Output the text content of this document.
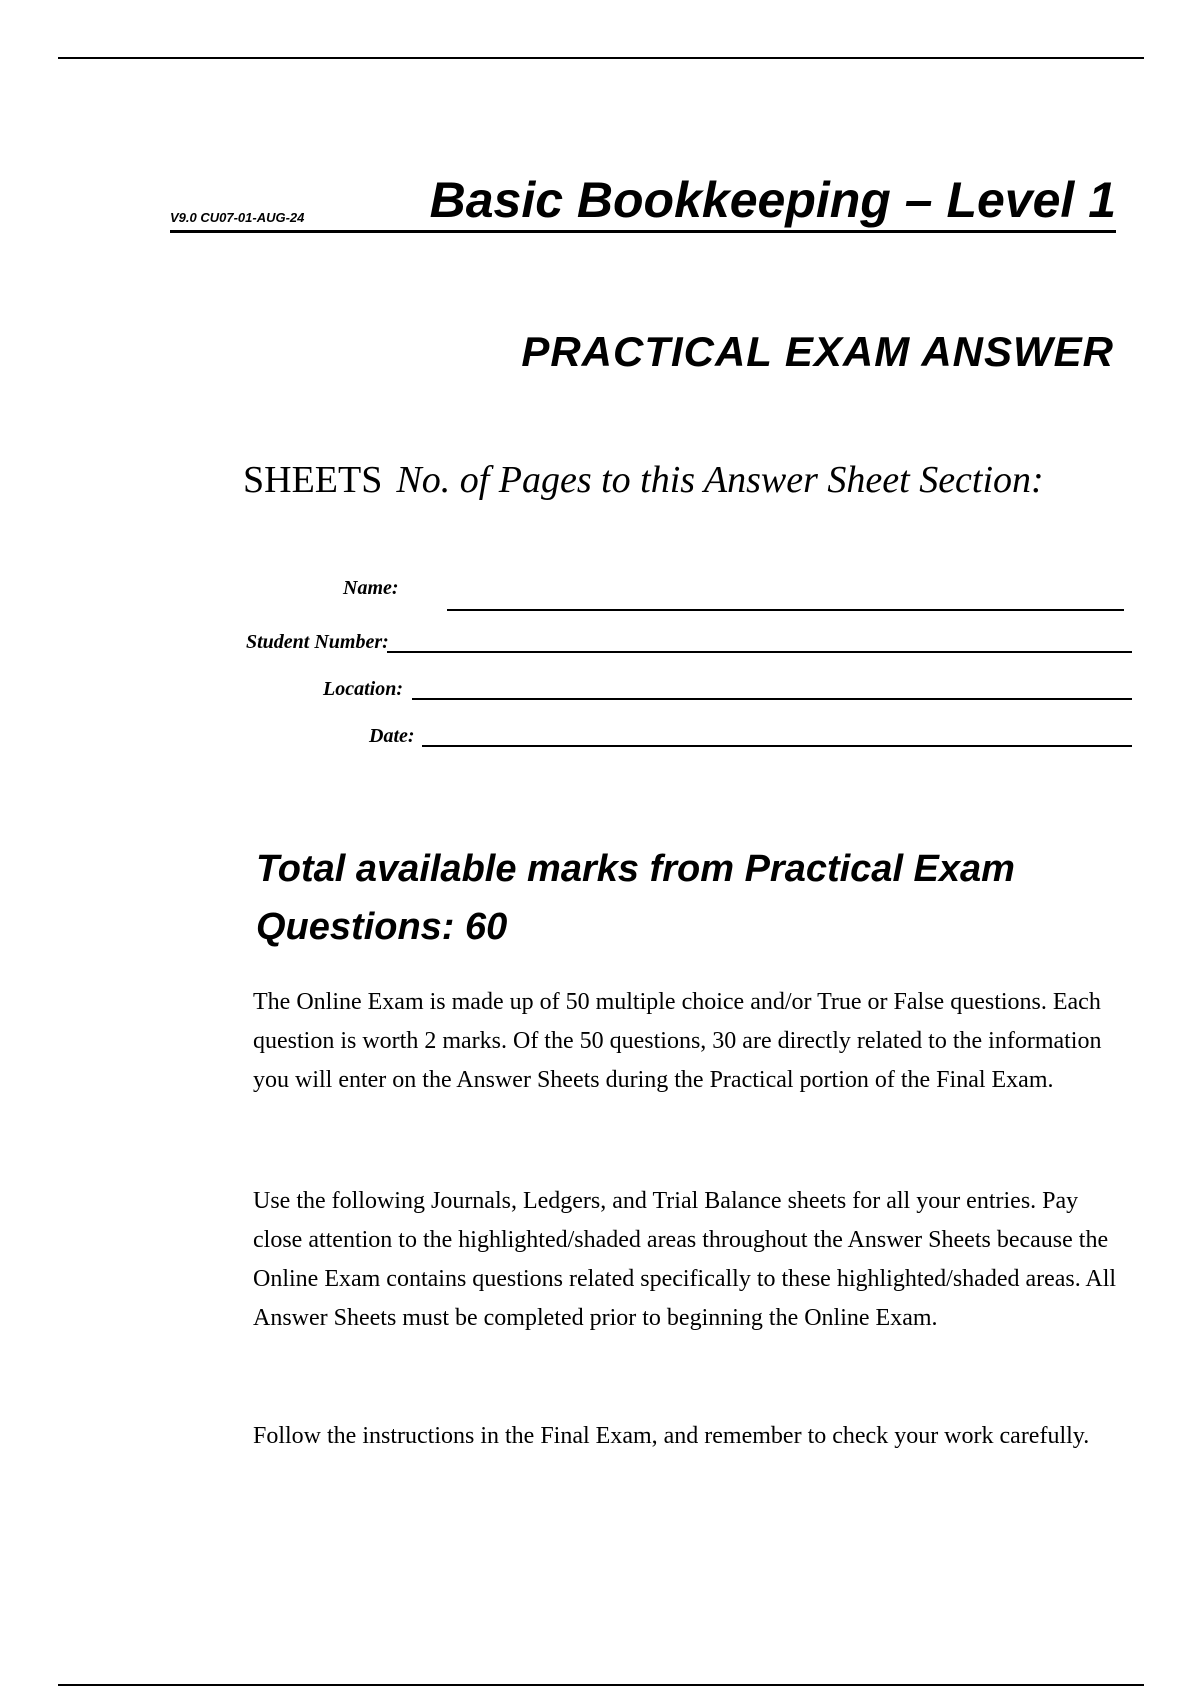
V9.0 CU07-01-AUG-24	Basic Bookkeeping – Level 1
PRACTICAL EXAM ANSWER
SHEETS No. of Pages to this Answer Sheet Section:
Name:
Student Number:
Location:
Date:
Total available marks from Practical Exam Questions: 60

The Online Exam is made up of 50 multiple choice and/or True or False questions. Each question is worth 2 marks. Of the 50 questions, 30 are directly related to the information you will enter on the Answer Sheets during the Practical portion of the Final Exam.

Use the following Journals, Ledgers, and Trial Balance sheets for all your entries. Pay close attention to the highlighted/shaded areas throughout the Answer Sheets because the Online Exam contains questions related specifically to these highlighted/shaded areas. All Answer Sheets must be completed prior to beginning the Online Exam.

Follow the instructions in the Final Exam, and remember to check your work carefully.
